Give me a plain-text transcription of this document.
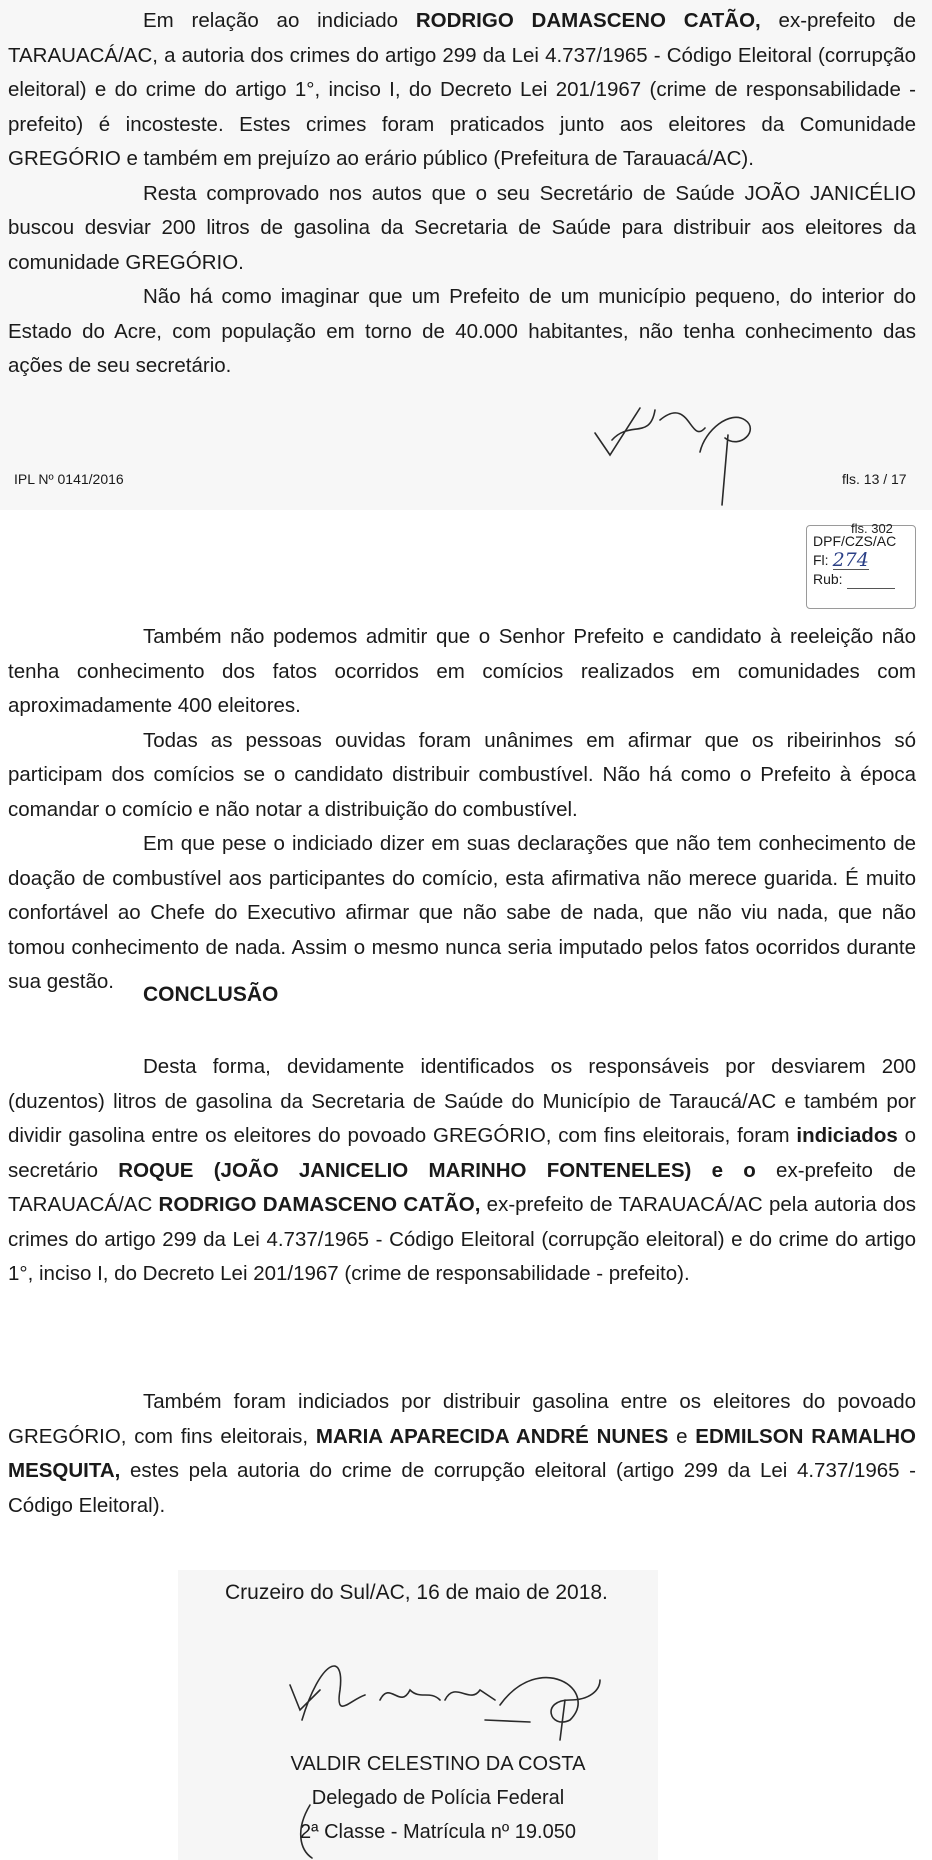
Em relação ao indiciado RODRIGO DAMASCENO CATÃO, ex-prefeito de TARAUACÁ/AC, a autoria dos crimes do artigo 299 da Lei 4.737/1965 - Código Eleitoral (corrupção eleitoral) e do crime do artigo 1°, inciso I, do Decreto Lei 201/1967 (crime de responsabilidade - prefeito) é incosteste. Estes crimes foram praticados junto aos eleitores da Comunidade GREGÓRIO e também em prejuízo ao erário público (Prefeitura de Tarauacá/AC).

Resta comprovado nos autos que o seu Secretário de Saúde JOÃO JANICÉLIO buscou desviar 200 litros de gasolina da Secretaria de Saúde para distribuir aos eleitores da comunidade GREGÓRIO.

Não há como imaginar que um Prefeito de um município pequeno, do interior do Estado do Acre, com população em torno de 40.000 habitantes, não tenha conhecimento das ações de seu secretário.

IPL Nº 0141/2016	fls. 13 / 17
DPF/CZS/AC
Fl: 274
Rub:
fls. 302

Também não podemos admitir que o Senhor Prefeito e candidato à reeleição não tenha conhecimento dos fatos ocorridos em comícios realizados em comunidades com aproximadamente 400 eleitores.

Todas as pessoas ouvidas foram unânimes em afirmar que os ribeirinhos só participam dos comícios se o candidato distribuir combustível. Não há como o Prefeito à época comandar o comício e não notar a distribuição do combustível.

Em que pese o indiciado dizer em suas declarações que não tem conhecimento de doação de combustível aos participantes do comício, esta afirmativa não merece guarida. É muito confortável ao Chefe do Executivo afirmar que não sabe de nada, que não viu nada, que não tomou conhecimento de nada. Assim o mesmo nunca seria imputado pelos fatos ocorridos durante sua gestão.

CONCLUSÃO

Desta forma, devidamente identificados os responsáveis por desviarem 200 (duzentos) litros de gasolina da Secretaria de Saúde do Município de Taraucá/AC e também por dividir gasolina entre os eleitores do povoado GREGÓRIO, com fins eleitorais, foram indiciados o secretário ROQUE (JOÃO JANICELIO MARINHO FONTENELES) e o ex-prefeito de TARAUACÁ/AC RODRIGO DAMASCENO CATÃO, ex-prefeito de TARAUACÁ/AC pela autoria dos crimes do artigo 299 da Lei 4.737/1965 - Código Eleitoral (corrupção eleitoral) e do crime do artigo 1°, inciso I, do Decreto Lei 201/1967 (crime de responsabilidade - prefeito).

Também foram indiciados por distribuir gasolina entre os eleitores do povoado GREGÓRIO, com fins eleitorais, MARIA APARECIDA ANDRÉ NUNES e EDMILSON RAMALHO MESQUITA, estes pela autoria do crime de corrupção eleitoral (artigo 299 da Lei 4.737/1965 - Código Eleitoral).

Cruzeiro do Sul/AC, 16 de maio de 2018.
VALDIR CELESTINO DA COSTA
Delegado de Polícia Federal
2ª Classe - Matrícula nº 19.050
